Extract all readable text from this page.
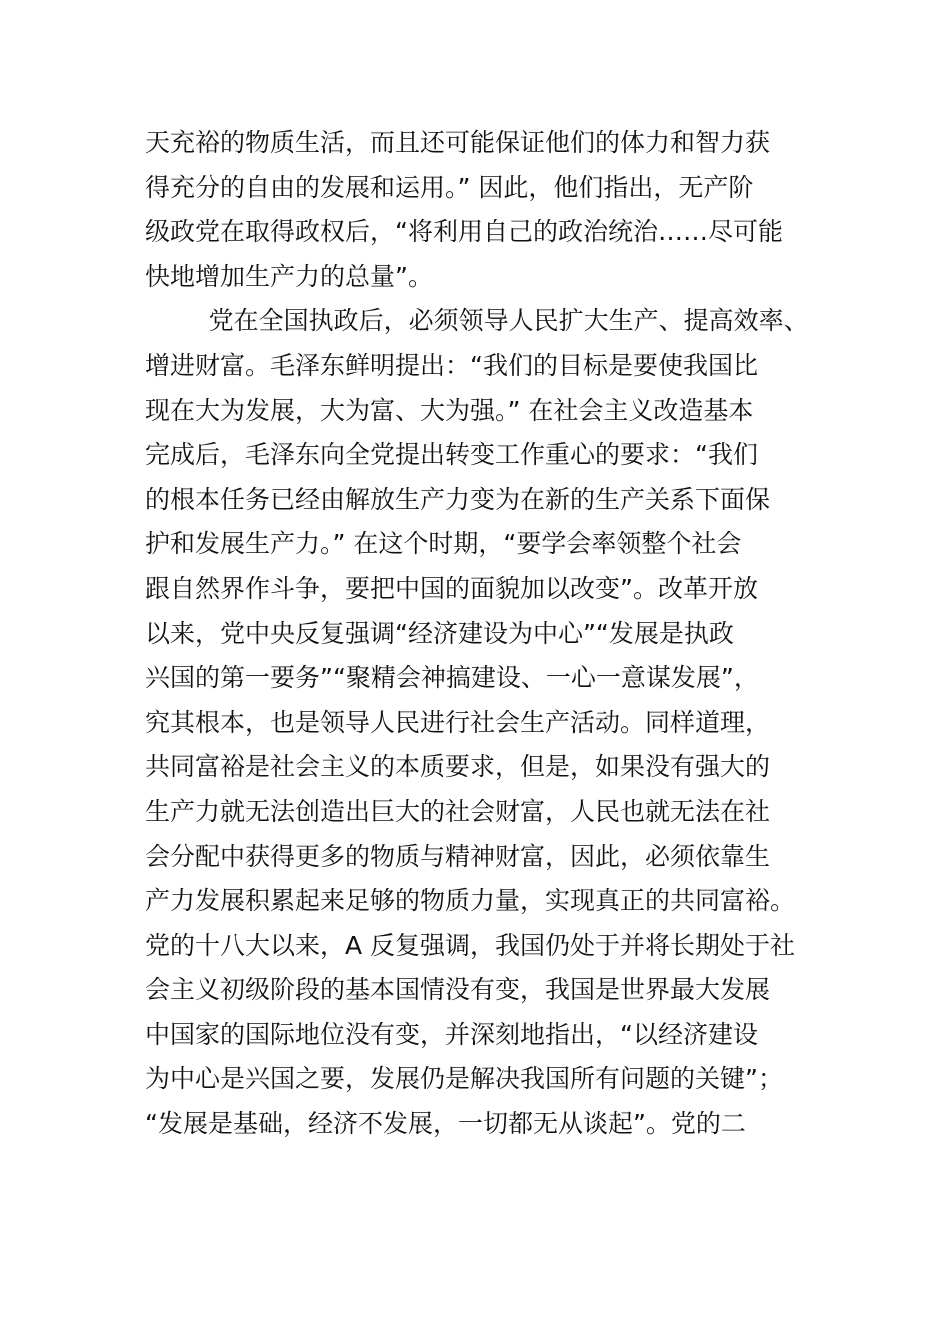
天充裕的物质生活，而且还可能保证他们的体力和智力获
得充分的自由的发展和运用。” 因此，他们指出，无产阶
级政党在取得政权后，“将利用自己的政治统治……尽可能
快地增加生产力的总量”。
党在全国执政后，必须领导人民扩大生产、提高效率、
增进财富。毛泽东鲜明提出：“我们的目标是要使我国比
现在大为发展，大为富、大为强。” 在社会主义改造基本
完成后，毛泽东向全党提出转变工作重心的要求：“我们
的根本任务已经由解放生产力变为在新的生产关系下面保
护和发展生产力。” 在这个时期，“要学会率领整个社会
跟自然界作斗争，要把中国的面貌加以改变”。改革开放
以来，党中央反复强调“经济建设为中心”“发展是执政
兴国的第一要务”“聚精会神搞建设、一心一意谋发展”，
究其根本，也是领导人民进行社会生产活动。同样道理，
共同富裕是社会主义的本质要求，但是，如果没有强大的
生产力就无法创造出巨大的社会财富，人民也就无法在社
会分配中获得更多的物质与精神财富，因此，必须依靠生
产力发展积累起来足够的物质力量，实现真正的共同富裕。
党的十八大以来，A 反复强调，我国仍处于并将长期处于社
会主义初级阶段的基本国情没有变，我国是世界最大发展
中国家的国际地位没有变，并深刻地指出，“以经济建设
为中心是兴国之要，发展仍是解决我国所有问题的关键”；
“发展是基础，经济不发展，一切都无从谈起”。党的二
